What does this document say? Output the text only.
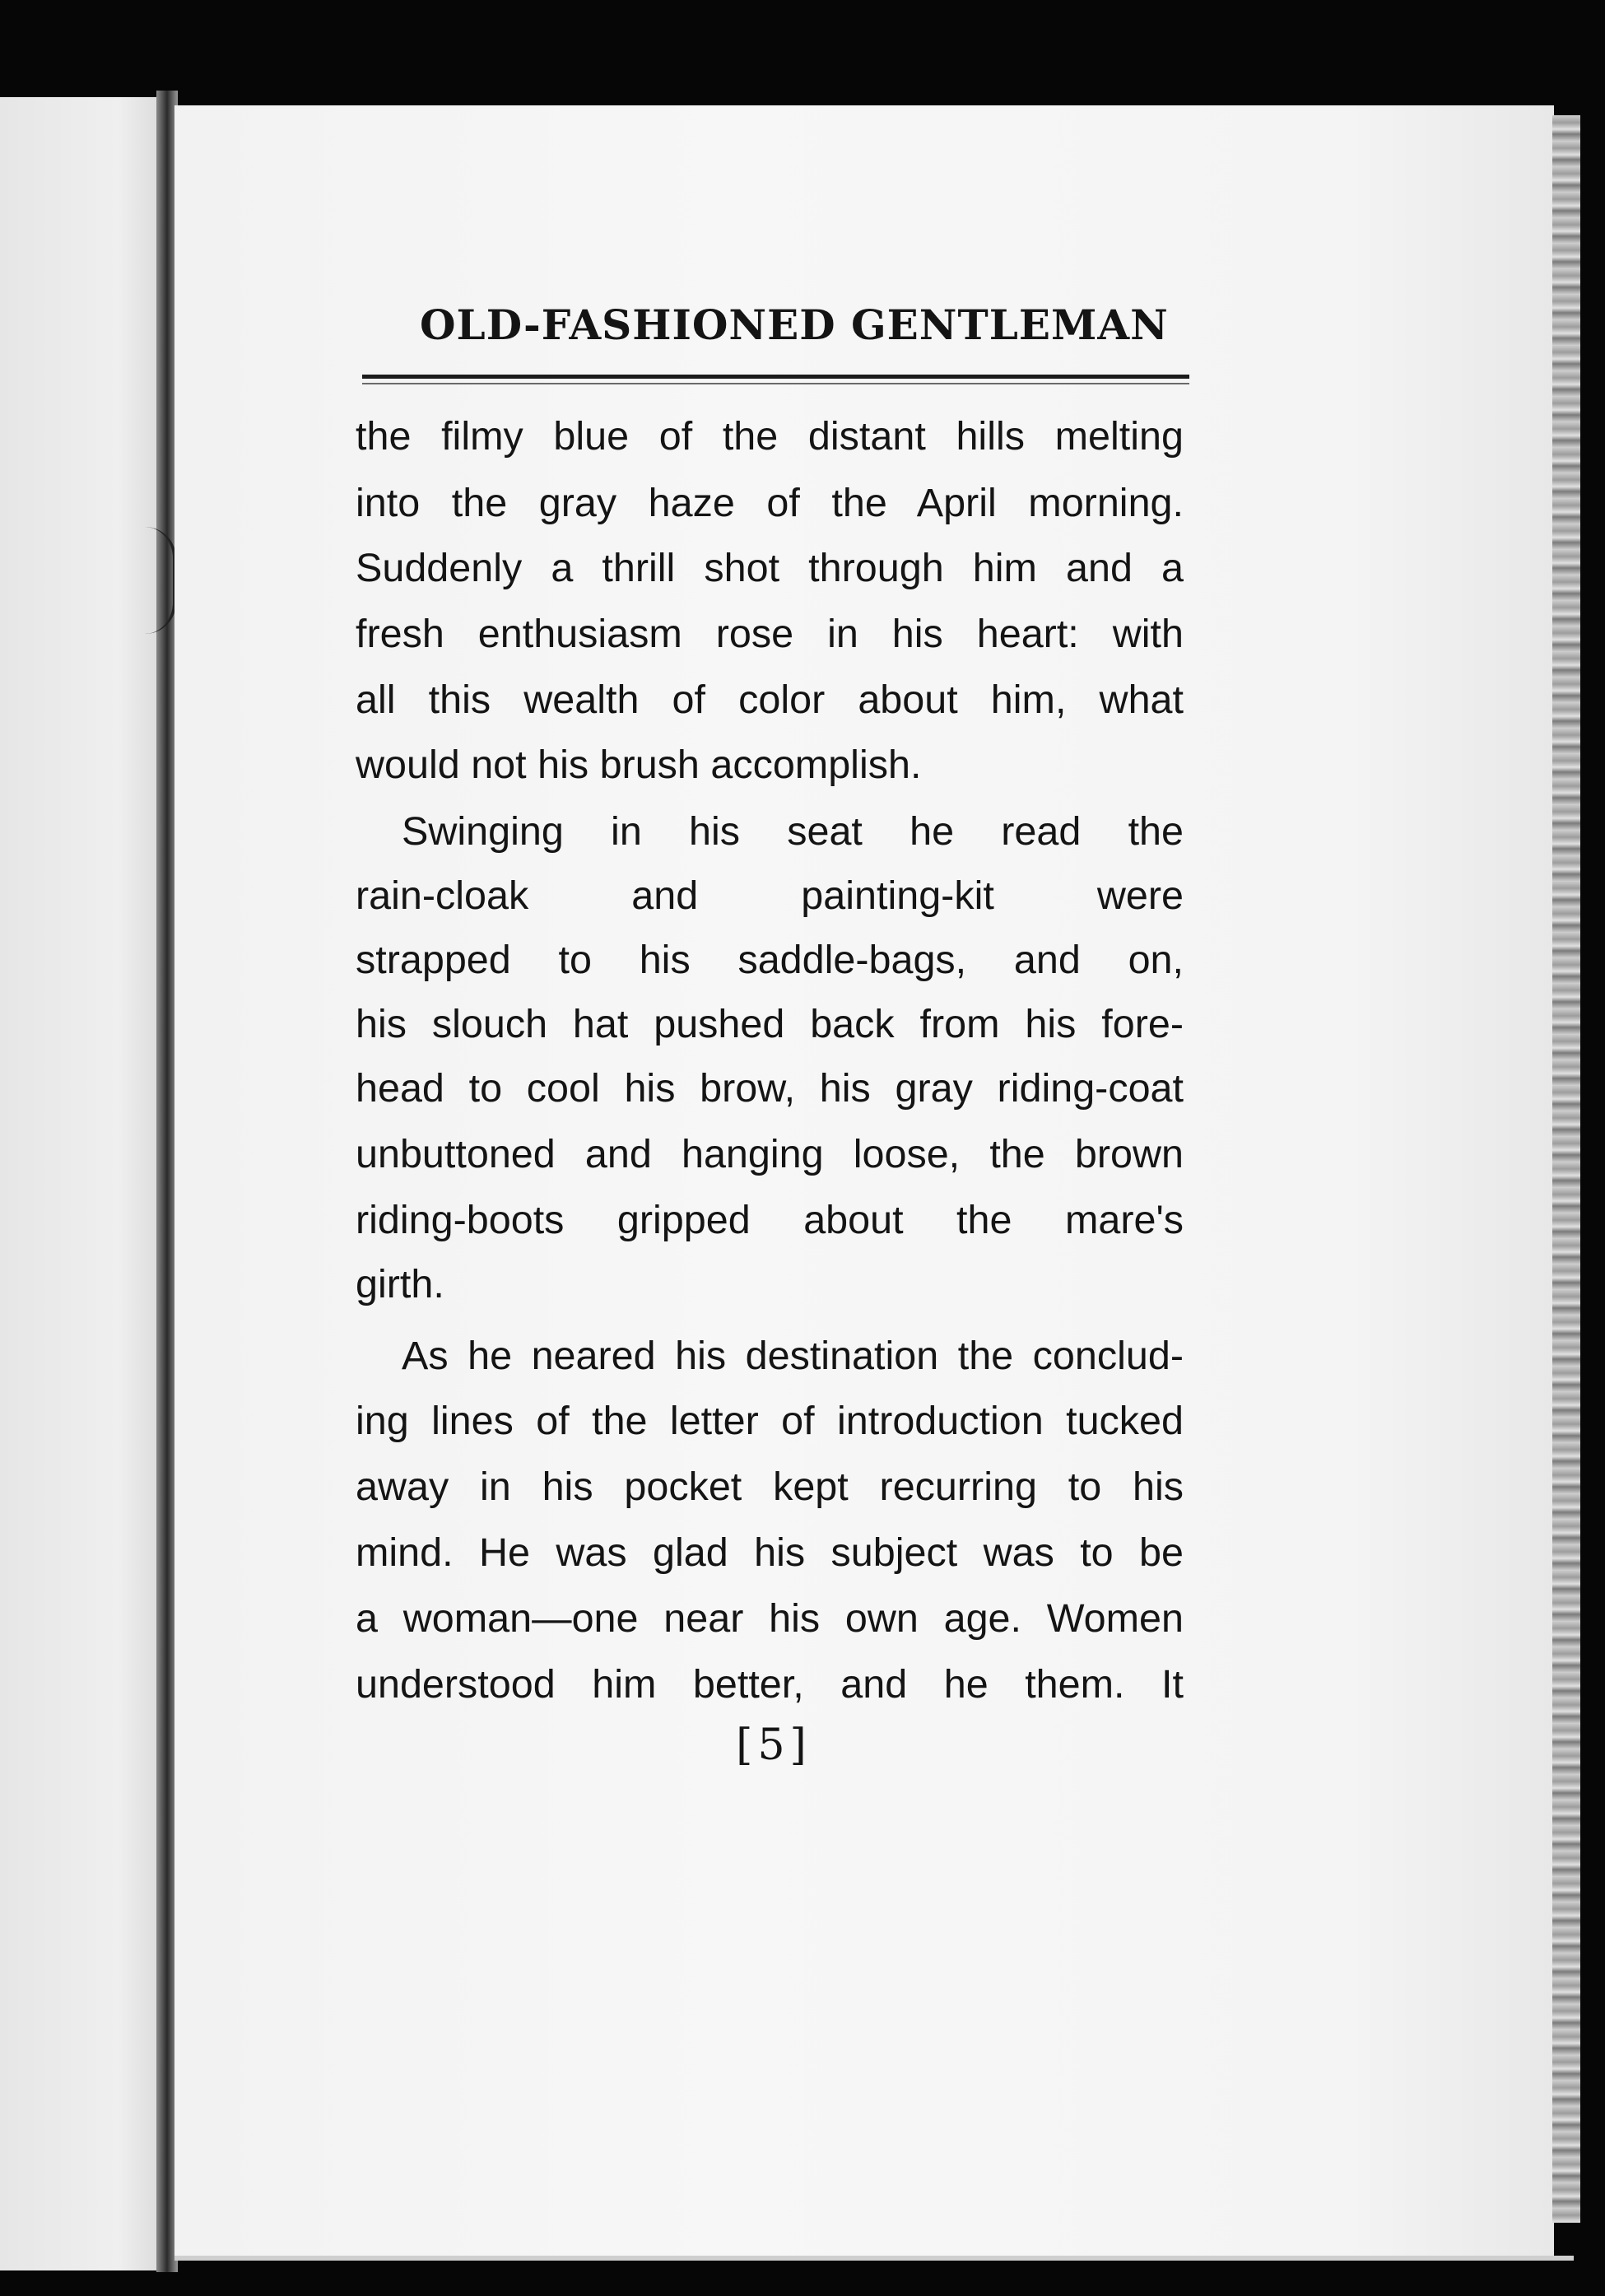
OLD-FASHIONED GENTLEMAN
the filmy blue of the distant hills melting
into the gray haze of the April morning.
Suddenly a thrill shot through him and a
fresh enthusiasm rose in his heart: with
all this wealth of color about him, what
would not his brush accomplish.
Swinging in his seat he read the
rain-cloak and painting-kit were
strapped to his saddle-bags, and on,
his slouch hat pushed back from his fore-
head to cool his brow, his gray riding-coat
unbuttoned and hanging loose, the brown
riding-boots gripped about the mare's
girth.
As he neared his destination the conclud-
ing lines of the letter of introduction tucked
away in his pocket kept recurring to his
mind. He was glad his subject was to be
a woman—one near his own age. Women
understood him better, and he them. It
[5]
